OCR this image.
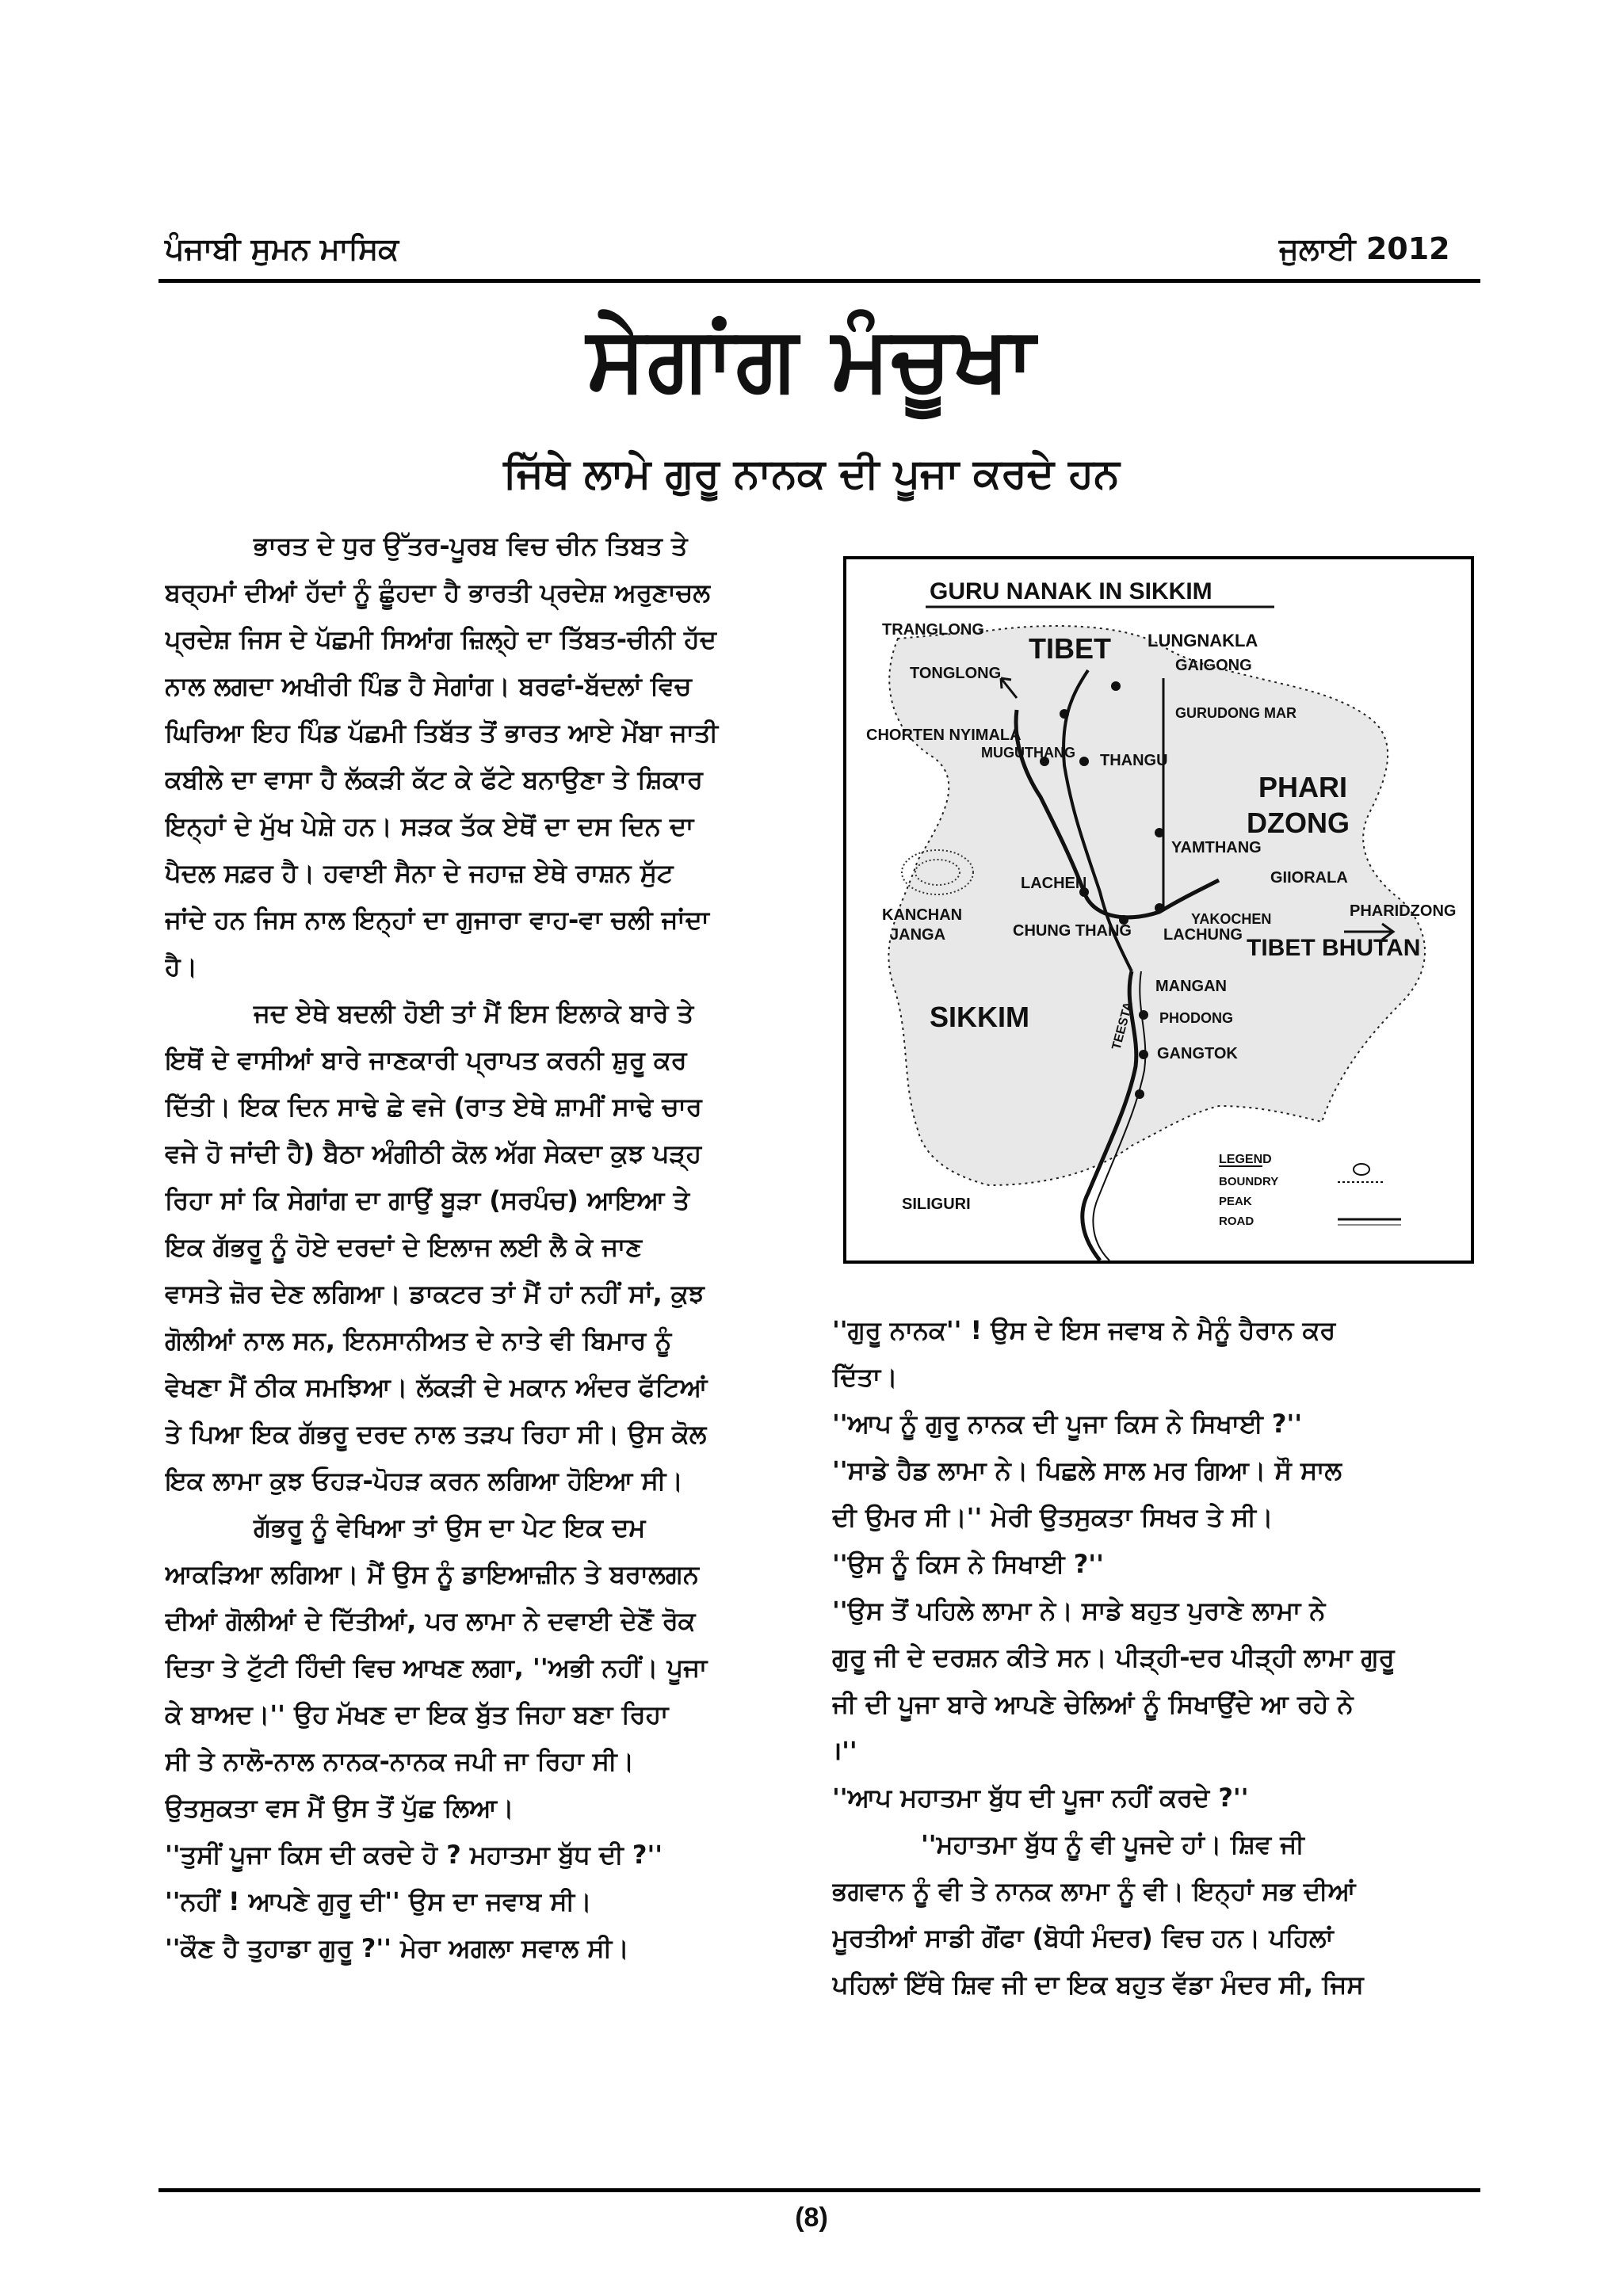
ਪੰਜਾਬੀ ਸੁਮਨ ਮਾਸਿਕ	ਜੁਲਾਈ 2012
ਸੇਗਾਂਗ ਮੰਚੂਖਾ
ਜਿੱਥੇ ਲਾਮੇ ਗੁਰੂ ਨਾਨਕ ਦੀ ਪੂਜਾ ਕਰਦੇ ਹਨ
ਭਾਰਤ ਦੇ ਧੁਰ ਉੱਤਰ-ਪੂਰਬ ਵਿਚ ਚੀਨ ਤਿਬਤ ਤੇ
ਬਰ੍ਹਮਾਂ ਦੀਆਂ ਹੱਦਾਂ ਨੂੰ ਛੂੰਹਦਾ ਹੈ ਭਾਰਤੀ ਪ੍ਰਦੇਸ਼ ਅਰੁਣਾਚਲ
ਪ੍ਰਦੇਸ਼ ਜਿਸ ਦੇ ਪੱਛਮੀ ਸਿਆਂਗ ਜ਼ਿਲ੍ਹੇ ਦਾ ਤਿੱਬਤ-ਚੀਨੀ ਹੱਦ
ਨਾਲ ਲਗਦਾ ਅਖੀਰੀ ਪਿੰਡ ਹੈ ਸੇਗਾਂਗ। ਬਰਫਾਂ-ਬੱਦਲਾਂ ਵਿਚ
ਘਿਰਿਆ ਇਹ ਪਿੰਡ ਪੱਛਮੀ ਤਿਬੱਤ ਤੋਂ ਭਾਰਤ ਆਏ ਮੇਂਬਾ ਜਾਤੀ
ਕਬੀਲੇ ਦਾ ਵਾਸਾ ਹੈ ਲੱਕੜੀ ਕੱਟ ਕੇ ਫੱਟੇ ਬਨਾਉਣਾ ਤੇ ਸ਼ਿਕਾਰ
ਇਨ੍ਹਾਂ ਦੇ ਮੁੱਖ ਪੇਸ਼ੇ ਹਨ। ਸੜਕ ਤੱਕ ਏਥੋਂ ਦਾ ਦਸ ਦਿਨ ਦਾ
ਪੈਦਲ ਸਫ਼ਰ ਹੈ। ਹਵਾਈ ਸੈਨਾ ਦੇ ਜਹਾਜ਼ ਏਥੇ ਰਾਸ਼ਨ ਸੁੱਟ
ਜਾਂਦੇ ਹਨ ਜਿਸ ਨਾਲ ਇਨ੍ਹਾਂ ਦਾ ਗੁਜਾਰਾ ਵਾਹ-ਵਾ ਚਲੀ ਜਾਂਦਾ
ਹੈ।
ਜਦ ਏਥੇ ਬਦਲੀ ਹੋਈ ਤਾਂ ਮੈਂ ਇਸ ਇਲਾਕੇ ਬਾਰੇ ਤੇ
ਇਥੋਂ ਦੇ ਵਾਸੀਆਂ ਬਾਰੇ ਜਾਣਕਾਰੀ ਪ੍ਰਾਪਤ ਕਰਨੀ ਸ਼ੁਰੂ ਕਰ
ਦਿੱਤੀ। ਇਕ ਦਿਨ ਸਾਢੇ ਛੇ ਵਜੇ (ਰਾਤ ਏਥੇ ਸ਼ਾਮੀਂ ਸਾਢੇ ਚਾਰ
ਵਜੇ ਹੋ ਜਾਂਦੀ ਹੈ) ਬੈਠਾ ਅੰਗੀਠੀ ਕੋਲ ਅੱਗ ਸੇਕਦਾ ਕੁਝ ਪੜ੍ਹ
ਰਿਹਾ ਸਾਂ ਕਿ ਸੇਗਾਂਗ ਦਾ ਗਾਉਂ ਬੂੜਾ (ਸਰਪੰਚ) ਆਇਆ ਤੇ
ਇਕ ਗੱਭਰੂ ਨੂੰ ਹੋਏ ਦਰਦਾਂ ਦੇ ਇਲਾਜ ਲਈ ਲੈ ਕੇ ਜਾਣ
ਵਾਸਤੇ ਜ਼ੋਰ ਦੇਣ ਲਗਿਆ। ਡਾਕਟਰ ਤਾਂ ਮੈਂ ਹਾਂ ਨਹੀਂ ਸਾਂ, ਕੁਝ
ਗੋਲੀਆਂ ਨਾਲ ਸਨ, ਇਨਸਾਨੀਅਤ ਦੇ ਨਾਤੇ ਵੀ ਬਿਮਾਰ ਨੂੰ
ਵੇਖਣਾ ਮੈਂ ਠੀਕ ਸਮਝਿਆ। ਲੱਕੜੀ ਦੇ ਮਕਾਨ ਅੰਦਰ ਫੱਟਿਆਂ
ਤੇ ਪਿਆ ਇਕ ਗੱਭਰੂ ਦਰਦ ਨਾਲ ਤੜਪ ਰਿਹਾ ਸੀ। ਉਸ ਕੋਲ
ਇਕ ਲਾਮਾ ਕੁਝ ਓਹੜ-ਪੋਹੜ ਕਰਨ ਲਗਿਆ ਹੋਇਆ ਸੀ।
ਗੱਭਰੂ ਨੂੰ ਵੇਖਿਆ ਤਾਂ ਉਸ ਦਾ ਪੇਟ ਇਕ ਦਮ
ਆਕੜਿਆ ਲਗਿਆ। ਮੈਂ ਉਸ ਨੂੰ ਡਾਇਆਜ਼ੀਨ ਤੇ ਬਰਾਲਗਨ
ਦੀਆਂ ਗੋਲੀਆਂ ਦੇ ਦਿੱਤੀਆਂ, ਪਰ ਲਾਮਾ ਨੇ ਦਵਾਈ ਦੇਣੋਂ ਰੋਕ
ਦਿਤਾ ਤੇ ਟੁੱਟੀ ਹਿੰਦੀ ਵਿਚ ਆਖਣ ਲਗਾ, ''ਅਭੀ ਨਹੀਂ। ਪੂਜਾ
ਕੇ ਬਾਅਦ।'' ਉਹ ਮੱਖਣ ਦਾ ਇਕ ਬੁੱਤ ਜਿਹਾ ਬਣਾ ਰਿਹਾ
ਸੀ ਤੇ ਨਾਲੋ-ਨਾਲ ਨਾਨਕ-ਨਾਨਕ ਜਪੀ ਜਾ ਰਿਹਾ ਸੀ।
ਉਤਸੁਕਤਾ ਵਸ ਮੈਂ ਉਸ ਤੋਂ ਪੁੱਛ ਲਿਆ।
''ਤੁਸੀਂ ਪੂਜਾ ਕਿਸ ਦੀ ਕਰਦੇ ਹੋ ? ਮਹਾਤਮਾ ਬੁੱਧ ਦੀ ?''
''ਨਹੀਂ ! ਆਪਣੇ ਗੁਰੂ ਦੀ'' ਉਸ ਦਾ ਜਵਾਬ ਸੀ।
''ਕੌਣ ਹੈ ਤੁਹਾਡਾ ਗੁਰੂ ?'' ਮੇਰਾ ਅਗਲਾ ਸਵਾਲ ਸੀ।
''ਗੁਰੂ ਨਾਨਕ'' ! ਉਸ ਦੇ ਇਸ ਜਵਾਬ ਨੇ ਮੈਨੂੰ ਹੈਰਾਨ ਕਰ
ਦਿੱਤਾ।
''ਆਪ ਨੂੰ ਗੁਰੂ ਨਾਨਕ ਦੀ ਪੂਜਾ ਕਿਸ ਨੇ ਸਿਖਾਈ ?''
''ਸਾਡੇ ਹੈਡ ਲਾਮਾ ਨੇ। ਪਿਛਲੇ ਸਾਲ ਮਰ ਗਿਆ। ਸੌ ਸਾਲ
ਦੀ ਉਮਰ ਸੀ।'' ਮੇਰੀ ਉਤਸੁਕਤਾ ਸਿਖਰ ਤੇ ਸੀ।
''ਉਸ ਨੂੰ ਕਿਸ ਨੇ ਸਿਖਾਈ ?''
''ਉਸ ਤੋਂ ਪਹਿਲੇ ਲਾਮਾ ਨੇ। ਸਾਡੇ ਬਹੁਤ ਪੁਰਾਣੇ ਲਾਮਾ ਨੇ
ਗੁਰੂ ਜੀ ਦੇ ਦਰਸ਼ਨ ਕੀਤੇ ਸਨ। ਪੀੜ੍ਹੀ-ਦਰ ਪੀੜ੍ਹੀ ਲਾਮਾ ਗੁਰੂ
ਜੀ ਦੀ ਪੂਜਾ ਬਾਰੇ ਆਪਣੇ ਚੇਲਿਆਂ ਨੂੰ ਸਿਖਾਉਂਦੇ ਆ ਰਹੇ ਨੇ
।''
''ਆਪ ਮਹਾਤਮਾ ਬੁੱਧ ਦੀ ਪੂਜਾ ਨਹੀਂ ਕਰਦੇ ?''
''ਮਹਾਤਮਾ ਬੁੱਧ ਨੂੰ ਵੀ ਪੂਜਦੇ ਹਾਂ। ਸ਼ਿਵ ਜੀ
ਭਗਵਾਨ ਨੂੰ ਵੀ ਤੇ ਨਾਨਕ ਲਾਮਾ ਨੂੰ ਵੀ। ਇਨ੍ਹਾਂ ਸਭ ਦੀਆਂ
ਮੂਰਤੀਆਂ ਸਾਡੀ ਗੋਂਫਾ (ਬੋਧੀ ਮੰਦਰ) ਵਿਚ ਹਨ। ਪਹਿਲਾਂ
ਪਹਿਲਾਂ ਇੱਥੇ ਸ਼ਿਵ ਜੀ ਦਾ ਇਕ ਬਹੁਤ ਵੱਡਾ ਮੰਦਰ ਸੀ, ਜਿਸ
GURU NANAK IN SIKKIM
TIBET
PHARI
DZONG
SIKKIM
TIBET BHUTAN
TRANGLONG
TONGLONG
LUNGNAKLA
GAIGONG
GURUDONG MAR
CHORTEN NYIMALA
MUGUTHANG THANGU
YAMTHANG
GIIORALA
LACHEN
YAKOCHEN	PHARIDZONG
KANCHAN
JANGA	CHUNG THANG LACHUNG
MANGAN
PHODONG
GANGTOK
SILIGURI
TEESTA
LEGEND
BOUNDRY
PEAK
ROAD
(8)
